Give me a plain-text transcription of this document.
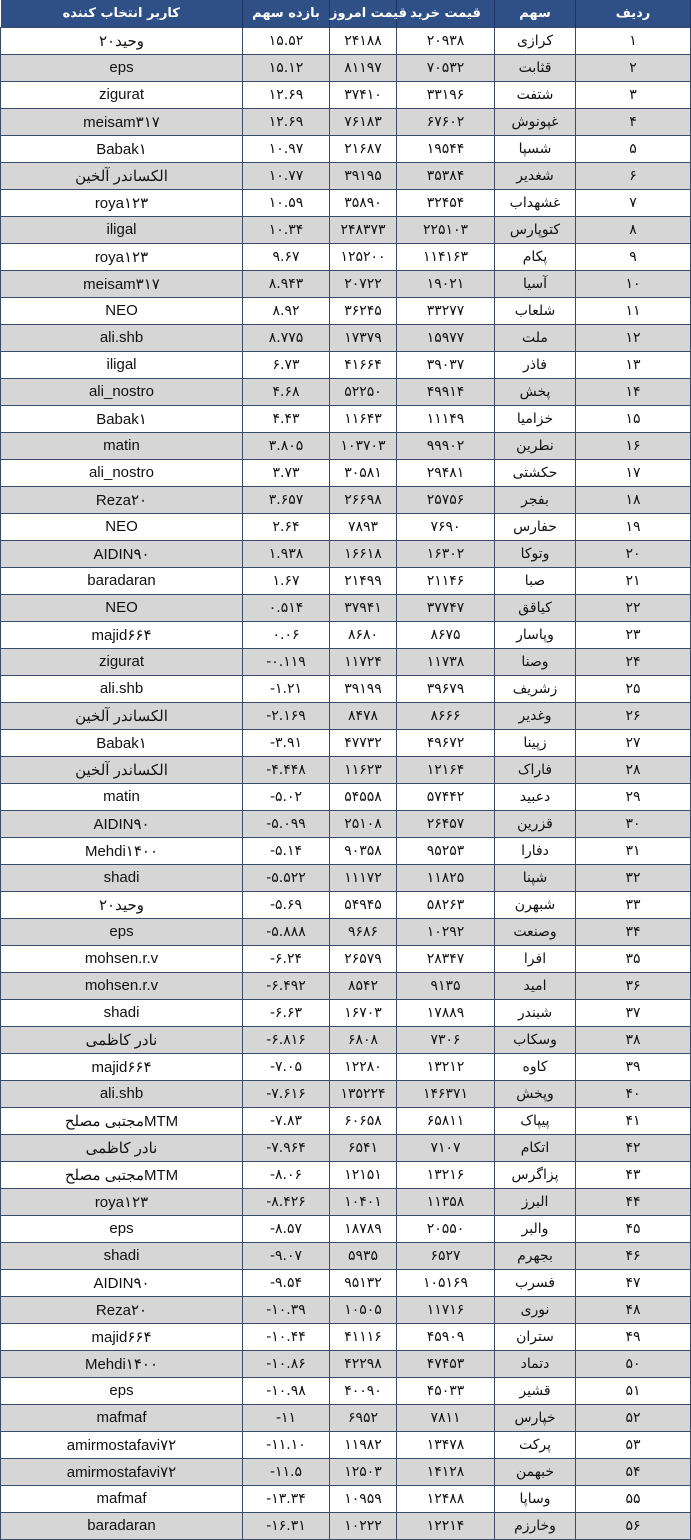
کاربر انتخاب کننده	بازده سهم	قیمت امروز	قیمت خرید	سهم	ردیف
وحید۲۰	۱۵.۵۲	۲۴۱۸۸	۲۰۹۳۸	کرازی	۱
eps	۱۵.۱۲	۸۱۱۹۷	۷۰۵۳۲	قثابت	۲
zigurat	۱۲.۶۹	۳۷۴۱۰	۳۳۱۹۶	شتفت	۳
meisam۳۱۷	۱۲.۶۹	۷۶۱۸۳	۶۷۶۰۲	غپونوش	۴
Babak۱	۱۰.۹۷	۲۱۶۸۷	۱۹۵۴۴	شسپا	۵
الکساندر آلخین	۱۰.۷۷	۳۹۱۹۵	۳۵۳۸۴	شغدیر	۶
roya۱۲۳	۱۰.۵۹	۳۵۸۹۰	۳۲۴۵۴	غشهداب	۷
iligal	۱۰.۳۴	۲۴۸۳۷۳	۲۲۵۱۰۳	کتوپارس	۸
roya۱۲۳	۹.۶۷	۱۲۵۲۰۰	۱۱۴۱۶۳	پکام	۹
meisam۳۱۷	۸.۹۴۳	۲۰۷۲۲	۱۹۰۲۱	آسیا	۱۰
NEO	۸.۹۲	۳۶۲۴۵	۳۳۲۷۷	شلعاب	۱۱
ali.shb	۸.۷۷۵	۱۷۳۷۹	۱۵۹۷۷	ملت	۱۲
iligal	۶.۷۳	۴۱۶۶۴	۳۹۰۳۷	فاذر	۱۳
ali_nostro	۴.۶۸	۵۲۲۵۰	۴۹۹۱۴	پخش	۱۴
Babak۱	۴.۴۳	۱۱۶۴۳	۱۱۱۴۹	خزامیا	۱۵
matin	۳.۸۰۵	۱۰۳۷۰۳	۹۹۹۰۲	نطرین	۱۶
ali_nostro	۳.۷۳	۳۰۵۸۱	۲۹۴۸۱	حکشتی	۱۷
Reza۲۰	۳.۶۵۷	۲۶۶۹۸	۲۵۷۵۶	بفجر	۱۸
NEO	۲.۶۴	۷۸۹۳	۷۶۹۰	حفارس	۱۹
AIDIN۹۰	۱.۹۳۸	۱۶۶۱۸	۱۶۳۰۲	وتوکا	۲۰
baradaran	۱.۶۷	۲۱۴۹۹	۲۱۱۴۶	صبا	۲۱
NEO	۰.۵۱۴	۳۷۹۴۱	۳۷۷۴۷	کیاقق	۲۲
majid۶۶۴	۰.۰۶	۸۶۸۰	۸۶۷۵	وپاسار	۲۳
zigurat	-۰.۱۱۹	۱۱۷۲۴	۱۱۷۳۸	وصنا	۲۴
ali.shb	-۱.۲۱	۳۹۱۹۹	۳۹۶۷۹	زشریف	۲۵
الکساندر آلخین	-۲.۱۶۹	۸۴۷۸	۸۶۶۶	وغدیر	۲۶
Babak۱	-۳.۹۱	۴۷۷۳۲	۴۹۶۷۲	زپینا	۲۷
الکساندر آلخین	-۴.۴۴۸	۱۱۶۲۳	۱۲۱۶۴	فاراک	۲۸
matin	-۵.۰۲	۵۴۵۵۸	۵۷۴۴۲	دعبید	۲۹
AIDIN۹۰	-۵.۰۹۹	۲۵۱۰۸	۲۶۴۵۷	قزرین	۳۰
Mehdi۱۴۰۰	-۵.۱۴	۹۰۳۵۸	۹۵۲۵۳	دفارا	۳۱
shadi	-۵.۵۲۲	۱۱۱۷۲	۱۱۸۲۵	شپنا	۳۲
وحید۲۰	-۵.۶۹	۵۴۹۴۵	۵۸۲۶۳	شبهرن	۳۳
eps	-۵.۸۸۸	۹۶۸۶	۱۰۲۹۲	وصنعت	۳۴
mohsen.r.v	-۶.۲۴	۲۶۵۷۹	۲۸۳۴۷	افرا	۳۵
mohsen.r.v	-۶.۴۹۲	۸۵۴۲	۹۱۳۵	امید	۳۶
shadi	-۶.۶۳	۱۶۷۰۳	۱۷۸۸۹	شبندر	۳۷
نادر کاظمی	-۶.۸۱۶	۶۸۰۸	۷۳۰۶	وسکاب	۳۸
majid۶۶۴	-۷.۰۵	۱۲۲۸۰	۱۳۲۱۲	کاوه	۳۹
ali.shb	-۷.۶۱۶	۱۳۵۲۲۴	۱۴۶۳۷۱	وپخش	۴۰
مجتبی مصلحMTM	-۷.۸۳	۶۰۶۵۸	۶۵۸۱۱	پیپاک	۴۱
نادر کاظمی	-۷.۹۶۴	۶۵۴۱	۷۱۰۷	اتکام	۴۲
مجتبی مصلحMTM	-۸.۰۶	۱۲۱۵۱	۱۳۲۱۶	پزاگرس	۴۳
roya۱۲۳	-۸.۴۲۶	۱۰۴۰۱	۱۱۳۵۸	البرز	۴۴
eps	-۸.۵۷	۱۸۷۸۹	۲۰۵۵۰	والبر	۴۵
shadi	-۹.۰۷	۵۹۳۵	۶۵۲۷	بجهرم	۴۶
AIDIN۹۰	-۹.۵۴	۹۵۱۳۲	۱۰۵۱۶۹	فسرب	۴۷
Reza۲۰	-۱۰.۳۹	۱۰۵۰۵	۱۱۷۱۶	نوری	۴۸
majid۶۶۴	-۱۰.۴۴	۴۱۱۱۶	۴۵۹۰۹	ستران	۴۹
Mehdi۱۴۰۰	-۱۰.۸۶	۴۲۲۹۸	۴۷۴۵۳	دتماد	۵۰
eps	-۱۰.۹۸	۴۰۰۹۰	۴۵۰۳۳	قشیر	۵۱
mafmaf	-۱۱	۶۹۵۲	۷۸۱۱	خپارس	۵۲
amirmostafavi۷۲	-۱۱.۱۰	۱۱۹۸۲	۱۳۴۷۸	پرکت	۵۳
amirmostafavi۷۲	-۱۱.۵	۱۲۵۰۳	۱۴۱۲۸	خبهمن	۵۴
mafmaf	-۱۳.۳۴	۱۰۹۵۹	۱۲۴۸۸	وساپا	۵۵
baradaran	-۱۶.۳۱	۱۰۲۲۲	۱۲۲۱۴	وخارزم	۵۶
